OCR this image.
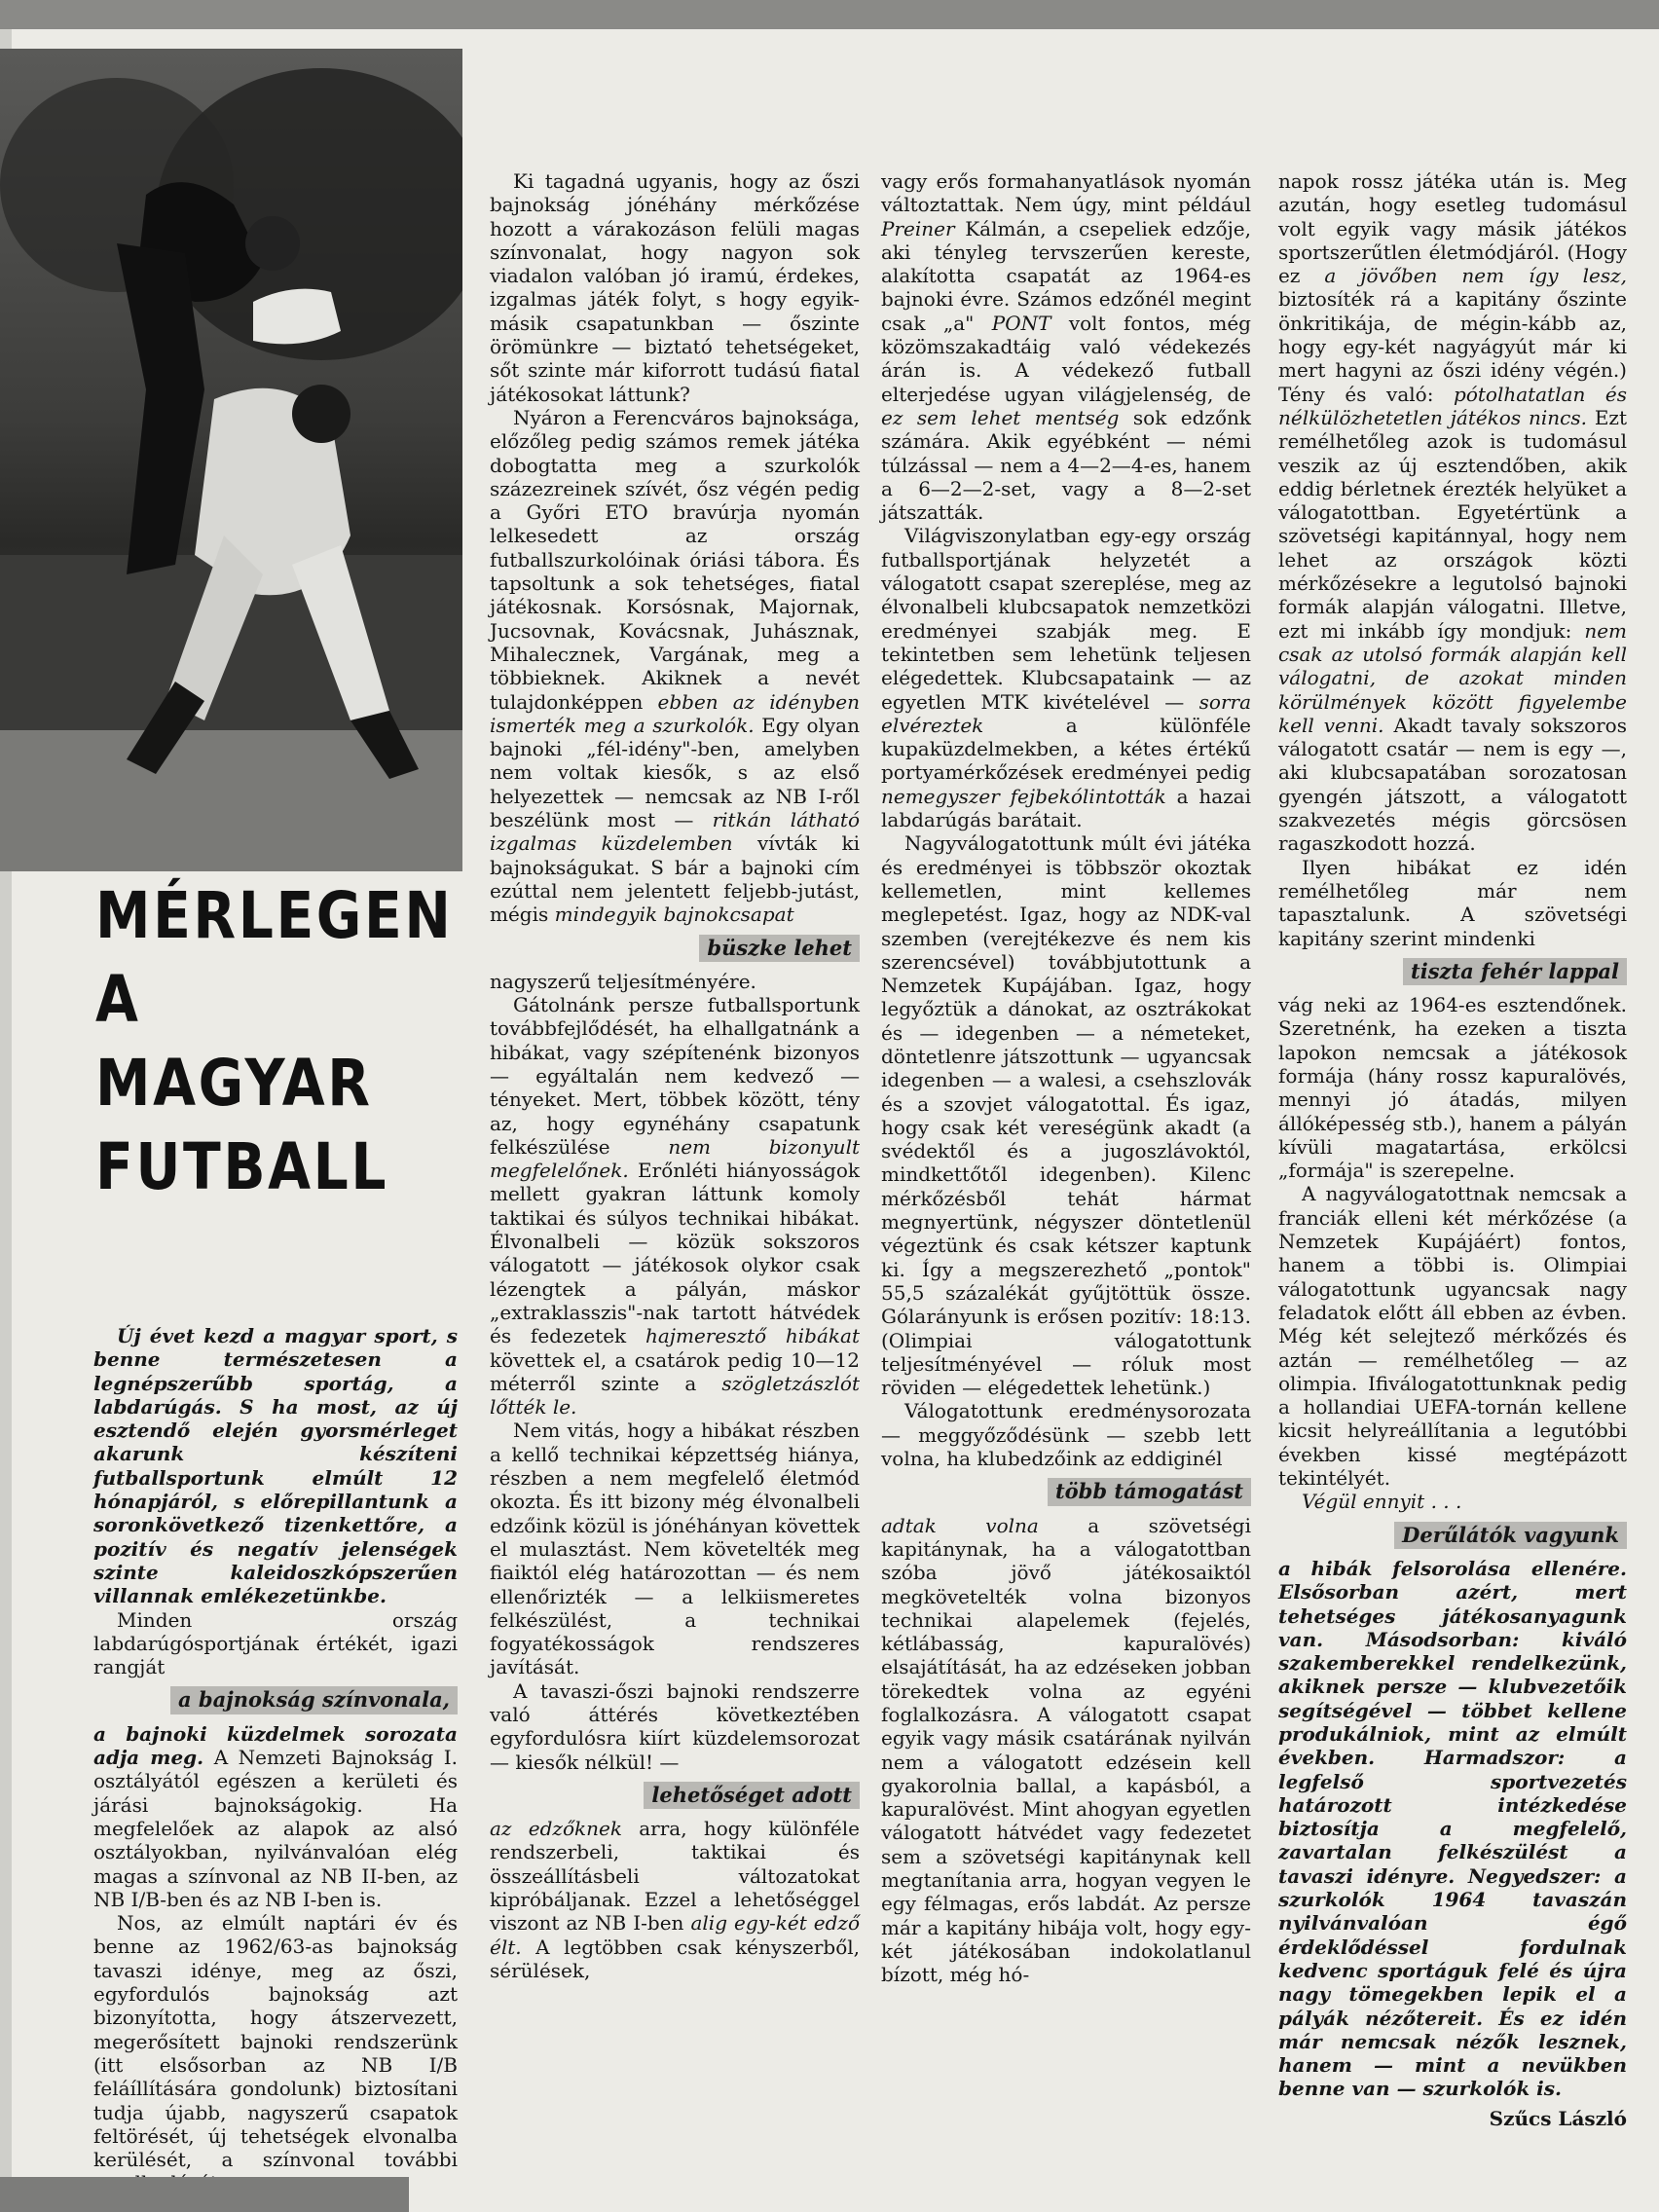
MÉRLEGEN
A
MAGYAR
FUTBALL

Új évet kezd a magyar sport, s benne természetesen a legnépszerűbb sportág, a labdarúgás. S ha most, az új esztendő elején gyorsmérleget akarunk készíteni futballsportunk elmúlt 12 hónapjáról, s előrepillantunk a soronkövetkező tizenkettőre, a pozitív és negatív jelenségek szinte kaleidoszkópszerűen villannak emlékezetünkbe.

Minden ország labdarúgósportjának értékét, igazi rangját

a bajnokság színvonala,

a bajnoki küzdelmek sorozata adja meg. A Nemzeti Bajnokság I. osztályától egészen a kerületi és járási bajnokságokig. Ha megfelelőek az alapok az alsó osztályokban, nyilvánvalóan elég magas a színvonal az NB II-ben, az NB I/B-ben és az NB I-ben is.

Nos, az elmúlt naptári év és benne az 1962/63-as bajnokság tavaszi idénye, meg az őszi, egyfordulós bajnokság azt bizonyította, hogy átszervezett, megerősített bajnoki rendszerünk (itt elsősorban az NB I/B feláíllítására gondolunk) biztosítani tudja újabb, nagyszerű csapatok feltörését, új tehetségek elvonalba kerülését, a színvonal további

Ki tagadná ugyanis, hogy az őszi bajnokság jónéhány mérkőzése hozott a várakozáson felüli magas színvonalat, hogy nagyon sok viadalon valóban jó iramú, érdekes, izgalmas játék folyt, s hogy egyik-másik csapatunkban — őszinte örömünkre — biztató tehetségeket, sőt szinte már kiforrott tudású fiatal játékosokat láttunk?

Nyáron a Ferencváros bajnoksága, előzőleg pedig számos remek játéka dobogtatta meg a szurkolók százezreinek szívét, ősz végén pedig a Győri ETO bravúrja nyomán lelkesedett az ország futballszurkolóinak óriási tábora. És tapsoltunk a sok tehetséges, fiatal játékosnak. Korsósnak, Majornak, Jucsovnak, Kovácsnak, Juhásznak, Mihalecznek, Vargának, meg a többieknek. Akiknek a nevét tulajdonképpen ebben az idényben ismerték meg a szurkolók. Egy olyan bajnoki „fél-idény"-ben, amelyben nem voltak kiesők, s az első helyezettek — nemcsak az NB I-ről beszélünk most — ritkán látható izgalmas küzdelemben vívták ki bajnokságukat. S bár a bajnoki cím ezúttal nem jelentett feljebb-jutást, mégis mindegyik bajnokcsapat

büszke lehet

nagyszerű teljesítményére.

Gátolnánk persze futballsportunk továbbfejlődését, ha elhallgatnánk a hibákat, vagy szépítenénk bizonyos — egyáltalán nem kedvező — tényeket. Mert, többek között, tény az, hogy egynéhány csapatunk felkészülése nem bizonyult megfelelőnek. Erőnléti hiányosságok mellett gyakran láttunk komoly taktikai és súlyos technikai hibákat. Élvonalbeli — közük sokszoros válogatott — játékosok olykor csak lézengtek a pályán, máskor „extraklasszis"-nak tartott hátvédek és fedezetek hajmeresztő hibákat követtek el, a csatárok pedig 10—12 méterről szinte a szögletzászlót lőtték le.

Nem vitás, hogy a hibákat részben a kellő technikai képzettség hiánya, részben a nem megfelelő életmód okozta. És itt bizony még élvonalbeli edzőink közül is jónéhányan követtek el mulasztást. Nem követelték meg fiaiktól elég határozottan — és nem ellenőrizték — a lelkiismeretes felkészülést, a technikai fogyatékosságok rendszeres javítását.

A tavaszi-őszi bajnoki rendszerre való áttérés következtében egyfordulósra kiírt küzdelemsorozat — kiesők nélkül! —

lehetőséget adott

az edzőknek arra, hogy különféle rendszerbeli, taktikai és összeállításbeli változatokat kipróbáljanak. Ezzel a lehetőséggel viszont az NB I-ben alig egy-két edző élt. A legtöbben csak kényszerből, sérülések,

vagy erős formahanyatlások nyomán változtattak. Nem úgy, mint például Preiner Kálmán, a csepeliek edzője, aki tényleg tervszerűen kereste, alakította csapatát az 1964-es bajnoki évre. Számos edzőnél megint csak „a" PONT volt fontos, még közömszakadtáig való védekezés árán is. A védekező futball elterjedése ugyan világjelenség, de ez sem lehet mentség sok edzőnk számára. Akik egyébként — némi túlzással — nem a 4—2—4-es, hanem a 6—2—2-set, vagy a 8—2-set játszatták.

Világviszonylatban egy-egy ország futballsportjának helyzetét a válogatott csapat szereplése, meg az élvonalbeli klubcsapatok nemzetközi eredményei szabják meg. E tekintetben sem lehetünk teljesen elégedettek. Klubcsapataink — az egyetlen MTK kivételével — sorra elvéreztek a különféle kupaküzdelmekben, a kétes értékű portyamérkőzések eredményei pedig nemegyszer fejbekólintották a hazai labdarúgás barátait.

Nagyválogatottunk múlt évi játéka és eredményei is többször okoztak kellemetlen, mint kellemes meglepetést. Igaz, hogy az NDK-val szemben (verejtékezve és nem kis szerencsével) továbbjutottunk a Nemzetek Kupájában. Igaz, hogy legyőztük a dánokat, az osztrákokat és — idegenben — a németeket, döntetlenre játszottunk — ugyancsak idegenben — a walesi, a csehszlovák és a szovjet válogatottal. És igaz, hogy csak két vereségünk akadt (a svédektől és a jugoszlávoktól, mindkettőtől idegenben). Kilenc mérkőzésből tehát hármat megnyertünk, négyszer döntetlenül végeztünk és csak kétszer kaptunk ki. Így a megszerezhető „pontok" 55,5 százalékát gyűjtöttük össze. Gólarányunk is erősen pozitív: 18:13. (Olimpiai válogatottunk teljesítményével — róluk most röviden — elégedettek lehetünk.)

Válogatottunk eredménysorozata — meggyőződésünk — szebb lett volna, ha klubedzőink az eddiginél

több támogatást

adtak volna a szövetségi kapitánynak, ha a válogatottban szóba jövő játékosaiktól megkövetelték volna bizonyos technikai alapelemek (fejelés, kétlábasság, kapuralövés) elsajátítását, ha az edzéseken jobban törekedtek volna az egyéni foglalkozásra. A válogatott csapat egyik vagy másik csatárának nyilván nem a válogatott edzésein kell gyakorolnia ballal, a kapásból, a kapuralövést. Mint ahogyan egyetlen válogatott hátvédet vagy fedezetet sem a szövetségi kapitánynak kell megtanítania arra, hogyan vegyen le egy félmagas, erős labdát. Az persze már a kapitány hibája volt, hogy egy-két játékosában indokolatlanul bízott, még hó-

napok rossz játéka után is. Meg azután, hogy esetleg tudomásul volt egyik vagy másik játékos sportszerűtlen életmódjáról. (Hogy ez a jövőben nem így lesz, biztosíték rá a kapitány őszinte önkritikája, de mégin-kább az, hogy egy-két nagyágyút már ki mert hagyni az őszi idény végén.) Tény és való: pótolhatatlan és nélkülözhetetlen játékos nincs. Ezt remélhetőleg azok is tudomásul veszik az új esztendőben, akik eddig bérletnek érezték helyüket a válogatottban. Egyetértünk a szövetségi kapitánnyal, hogy nem lehet az országok közti mérkőzésekre a legutolsó bajnoki formák alapján válogatni. Illetve, ezt mi inkább így mondjuk: nem csak az utolsó formák alapján kell válogatni, de azokat minden körülmények között figyelembe kell venni. Akadt tavaly sokszoros válogatott csatár — nem is egy —, aki klubcsapatában sorozatosan gyengén játszott, a válogatott szakvezetés mégis görcsösen ragaszkodott hozzá.

Ilyen hibákat ez idén remélhetőleg már nem tapasztalunk. A szövetségi kapitány szerint mindenki

tiszta fehér lappal

vág neki az 1964-es esztendőnek. Szeretnénk, ha ezeken a tiszta lapokon nemcsak a játékosok formája (hány rossz kapuralövés, mennyi jó átadás, milyen állóképesség stb.), hanem a pályán kívüli magatartása, erkölcsi „formája" is szerepelne.

A nagyválogatottnak nemcsak a franciák elleni két mérkőzése (a Nemzetek Kupájáért) fontos, hanem a többi is. Olimpiai válogatottunk ugyancsak nagy feladatok előtt áll ebben az évben. Még két selejtező mérkőzés és aztán — remélhetőleg — az olimpia. Ifiválogatottunknak pedig a hollandiai UEFA-tornán kellene kicsit helyreállítania a legutóbbi években kissé megtépázott tekintélyét.

Végül ennyit . . .

Derűlátók vagyunk

a hibák felsorolása ellenére. Elsősorban azért, mert tehetséges játékosanyagunk van. Másodsorban: kiváló szakemberekkel rendelkezünk, akiknek persze — klubvezetőik segítségével — többet kellene produkálniok, mint az elmúlt években. Harmadszor: a legfelső sportvezetés határozott intézkedése biztosítja a megfelelő, zavartalan felkészülést a tavaszi idényre. Negyedszer: a szurkolók 1964 tavaszán nyilvánvalóan égő érdeklődéssel fordulnak kedvenc sportáguk felé és újra nagy tömegekben lepik el a pályák nézőtereit. És ez idén már nemcsak nézők lesznek, hanem — mint a nevükben benne van — szurkolók is.

Szűcs László
